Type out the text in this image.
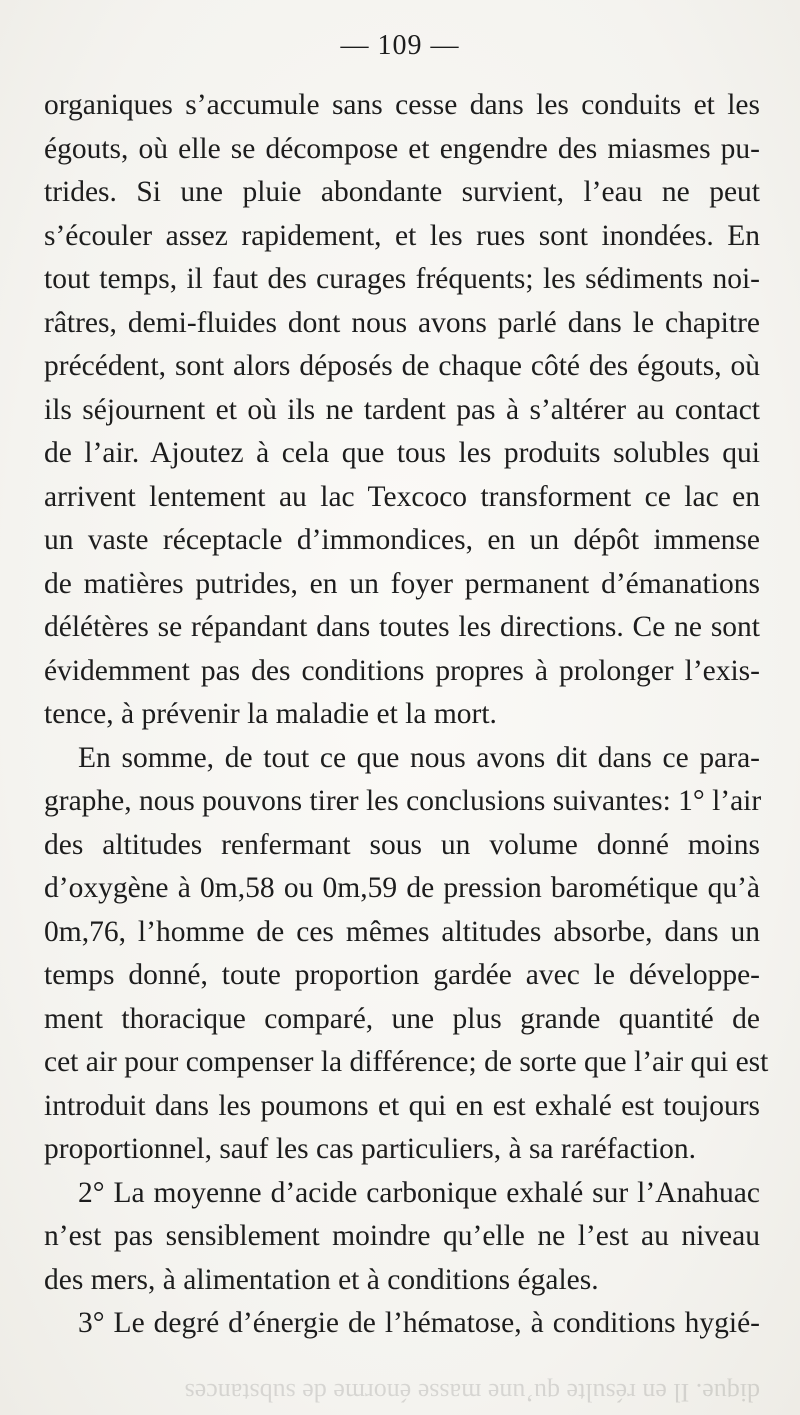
— 109 —
organiques s’accumule sans cesse dans les conduits et les
égouts, où elle se décompose et engendre des miasmes pu-
trides. Si une pluie abondante survient, l’eau ne peut
s’écouler assez rapidement, et les rues sont inondées. En
tout temps, il faut des curages fréquents; les sédiments noi-
râtres, demi-fluides dont nous avons parlé dans le chapitre
précédent, sont alors déposés de chaque côté des égouts, où
ils séjournent et où ils ne tardent pas à s’altérer au contact
de l’air. Ajoutez à cela que tous les produits solubles qui
arrivent lentement au lac Texcoco transforment ce lac en
un vaste réceptacle d’immondices, en un dépôt immense
de matières putrides, en un foyer permanent d’émanations
délétères se répandant dans toutes les directions. Ce ne sont
évidemment pas des conditions propres à prolonger l’exis-
tence, à prévenir la maladie et la mort.
En somme, de tout ce que nous avons dit dans ce para-
graphe, nous pouvons tirer les conclusions suivantes: 1° l’air
des altitudes renfermant sous un volume donné moins
d’oxygène à 0m,58 ou 0m,59 de pression barométique qu’à
0m,76, l’homme de ces mêmes altitudes absorbe, dans un
temps donné, toute proportion gardée avec le développe-
ment thoracique comparé, une plus grande quantité de
cet air pour compenser la différence; de sorte que l’air qui est
introduit dans les poumons et qui en est exhalé est toujours
proportionnel, sauf les cas particuliers, à sa raréfaction.
2° La moyenne d’acide carbonique exhalé sur l’Anahuac
n’est pas sensiblement moindre qu’elle ne l’est au niveau
des mers, à alimentation et à conditions égales.
3° Le degré d’énergie de l’hématose, à conditions hygié-
dique. Il en résulte qu’une masse énorme de substances
